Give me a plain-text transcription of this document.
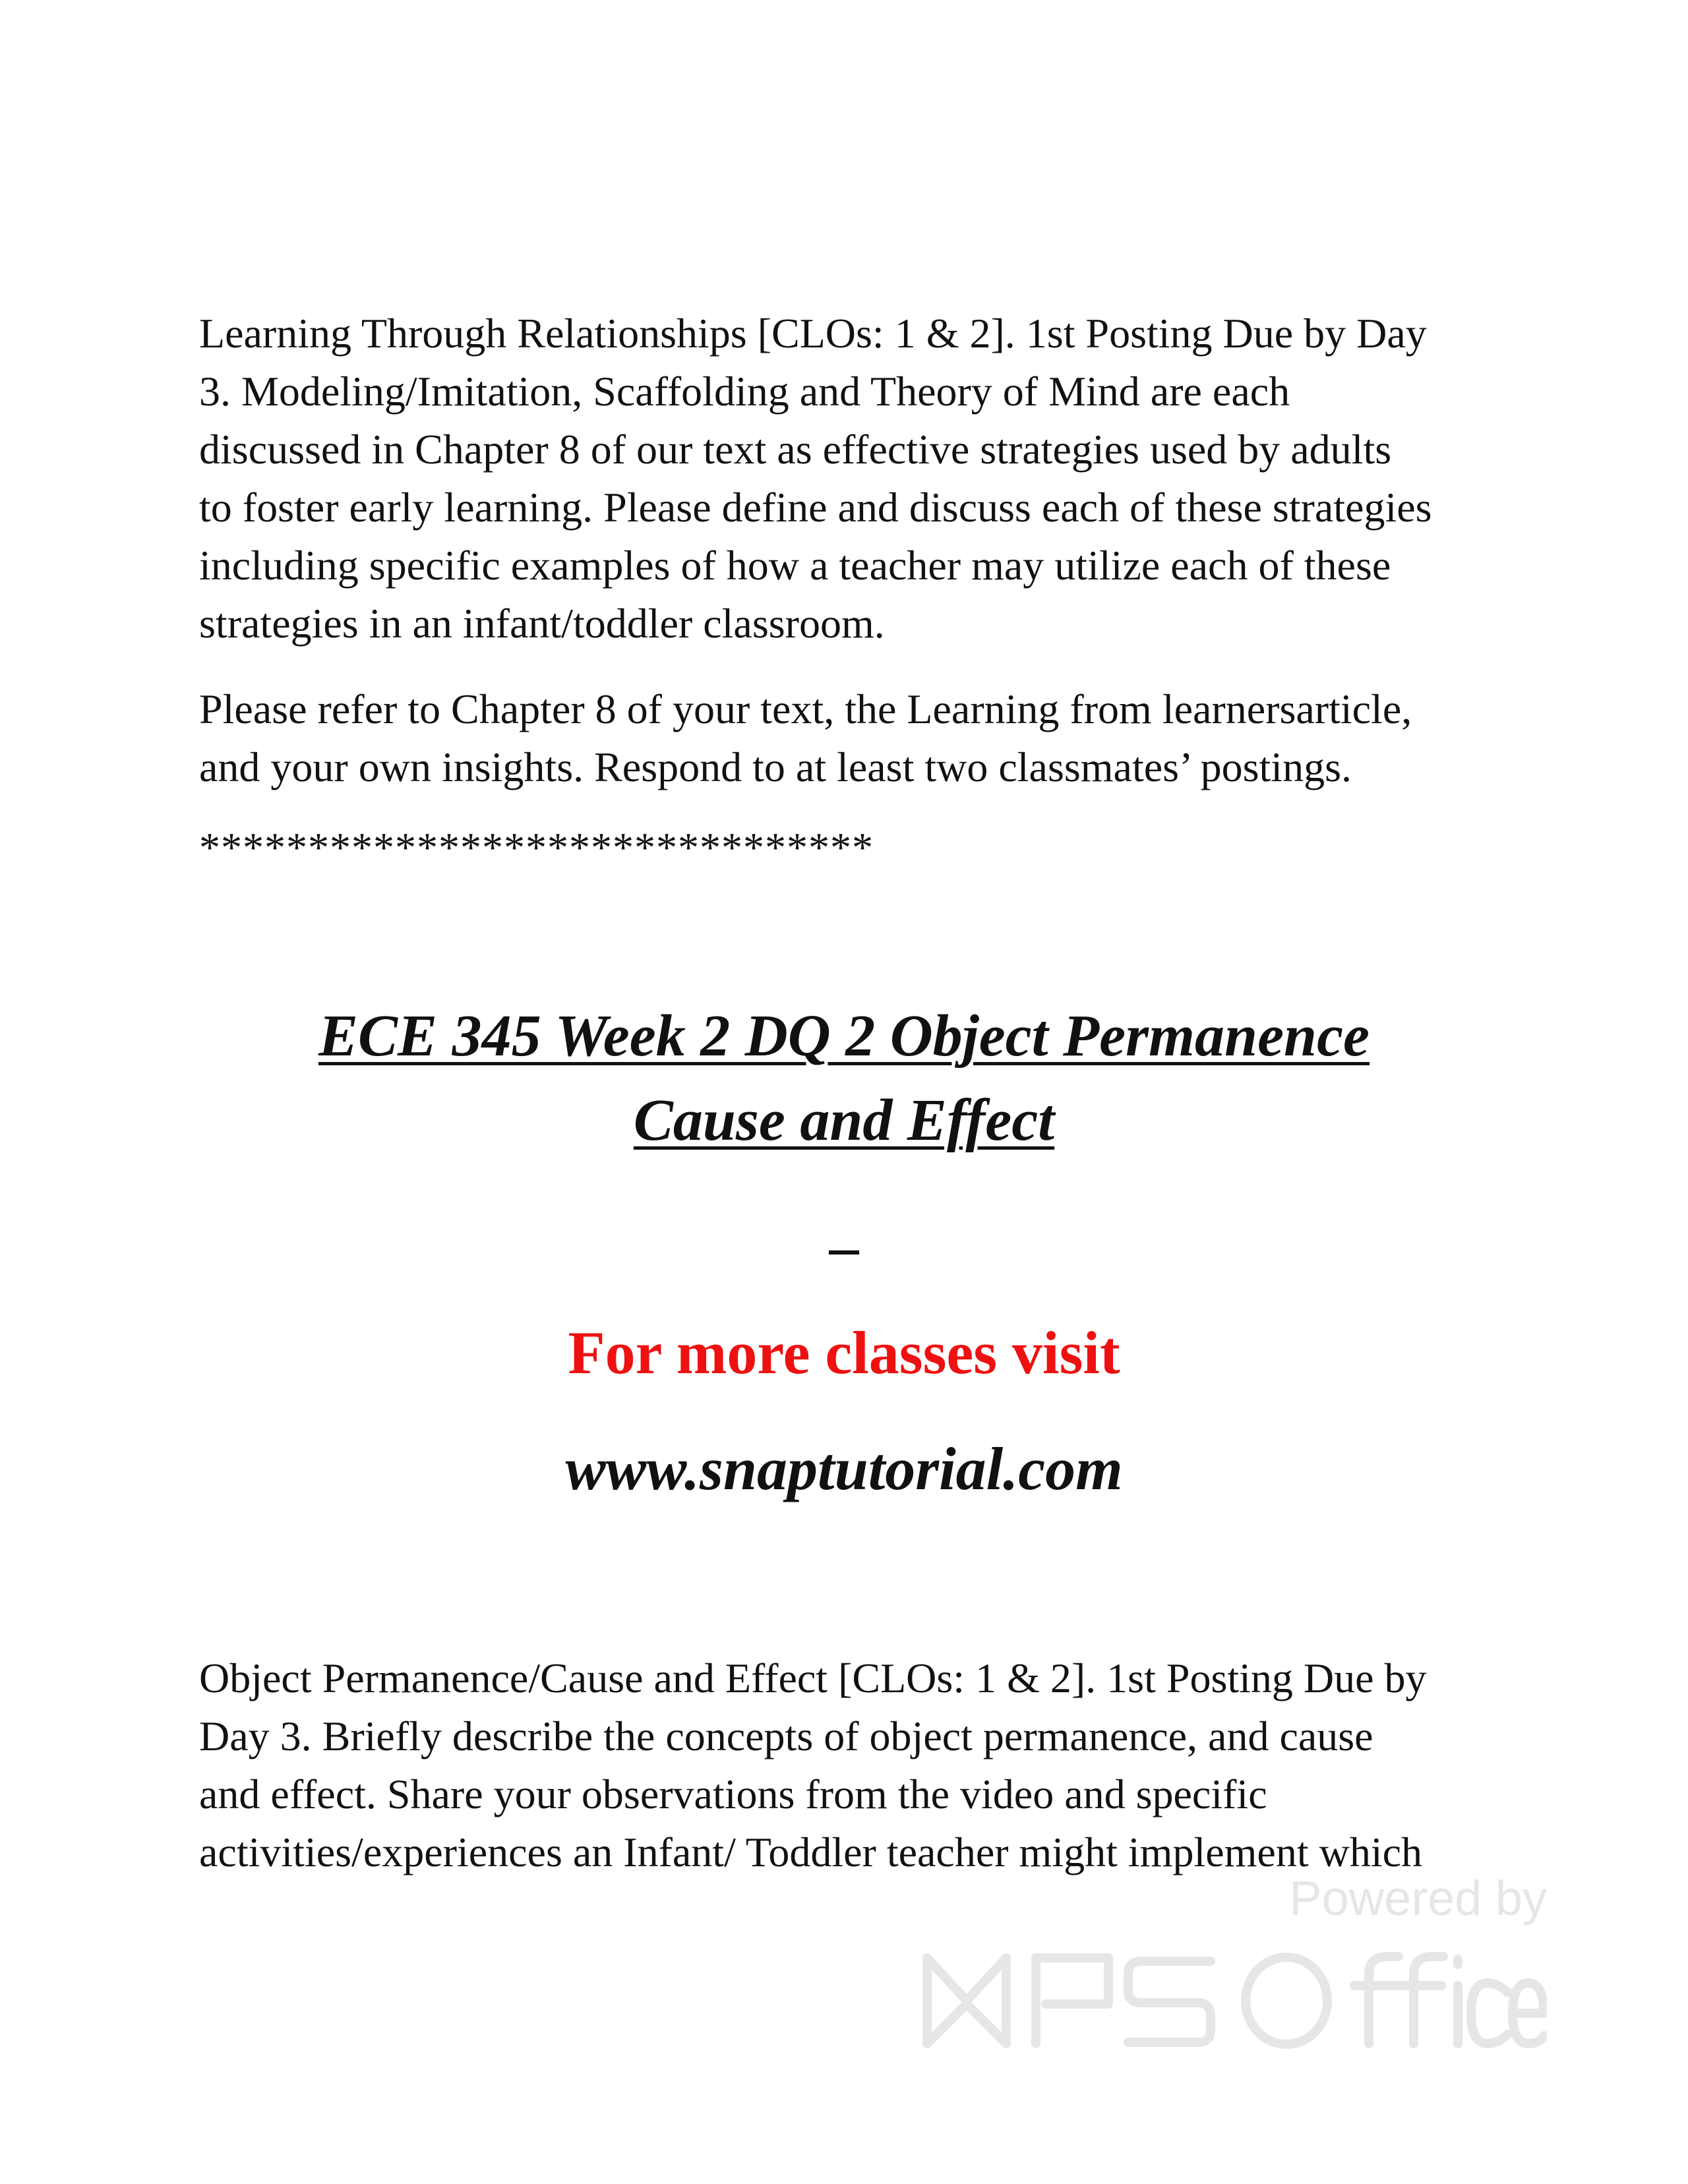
Learning Through Relationships [CLOs: 1 & 2]. 1st Posting Due by Day
3. Modeling/Imitation, Scaffolding and Theory of Mind are each
discussed in Chapter 8 of our text as effective strategies used by adults
to foster early learning. Please define and discuss each of these strategies
including specific examples of how a teacher may utilize each of these
strategies in an infant/toddler classroom.

Please refer to Chapter 8 of your text, the Learning from learnersarticle,
and your own insights. Respond to at least two classmates’ postings.

*******************************
ECE 345 Week 2 DQ 2 Object Permanence
Cause and Effect
–
For more classes visit
www.snaptutorial.com

Object Permanence/Cause and Effect [CLOs: 1 & 2]. 1st Posting Due by
Day 3. Briefly describe the concepts of object permanence, and cause
and effect. Share your observations from the video and specific
activities/experiences an Infant/ Toddler teacher might implement which

Powered by
